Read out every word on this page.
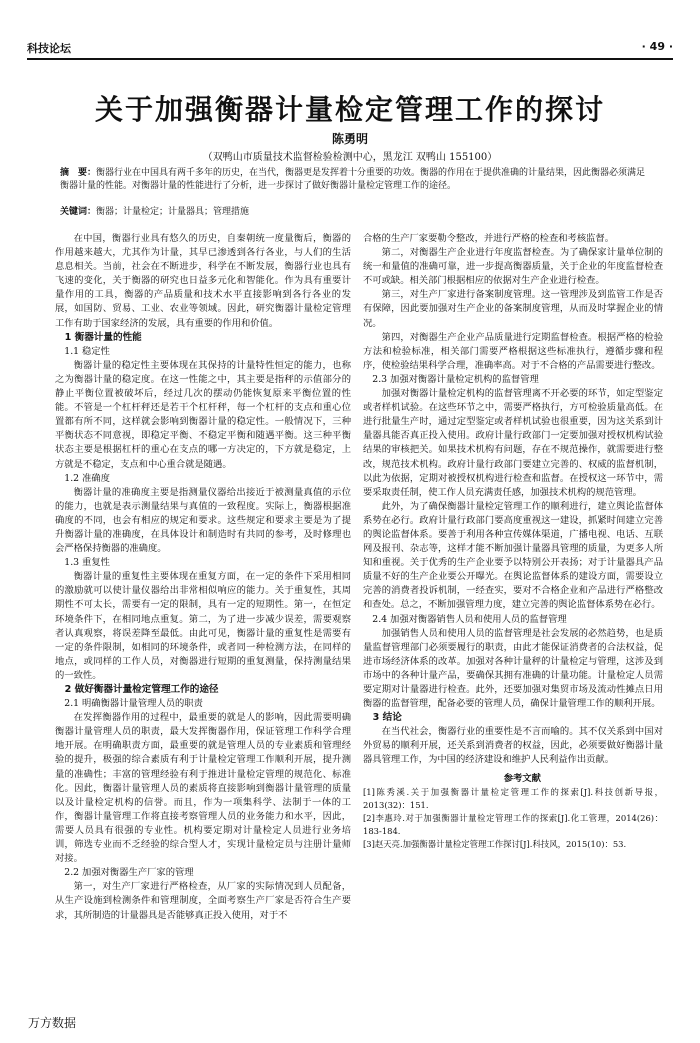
科技论坛	· 49 ·
关于加强衡器计量检定管理工作的探讨
陈勇明
（双鸭山市质量技术监督检验检测中心，黑龙江 双鸭山 155100）
摘　要：衡器行业在中国具有两千多年的历史，在当代，衡器更是发挥着十分重要的功效。衡器的作用在于提供准确的计量结果，因此衡器必须满足衡器计量的性能。对衡器计量的性能进行了分析，进一步探讨了做好衡器计量检定管理工作的途径。
关键词：衡器；计量检定；计量器具；管理措施

在中国，衡器行业具有悠久的历史，自秦朝统一度量衡后，衡器的作用越来越大，尤其作为计量，其早已渗透到各行各业，与人们的生活息息相关。当前，社会在不断进步，科学在不断发展，衡器行业也具有飞速的变化，关于衡器的研究也日益多元化和智能化。作为具有重要计量作用的工具，衡器的产品质量和技术水平直接影响到各行各业的发展，如国防、贸易、工业、农业等领域。因此，研究衡器计量检定管理工作有助于国家经济的发展，具有重要的作用和价值。

1 衡器计量的性能
1.1 稳定性

衡器计量的稳定性主要体现在其保持的计量特性恒定的能力，也称之为衡器计量的稳定度。在这一性能之中，其主要是指秤的示值部分的静止平衡位置被破坏后，经过几次的摆动仍能恢复原来平衡位置的性能。不管是一个杠杆秤还是若干个杠杆秤，每一个杠杆的支点和重心位置都有所不同，这样就会影响到衡器计量的稳定性。一般情况下，三种平衡状态不同意视，即稳定平衡、不稳定平衡和随遇平衡。这三种平衡状态主要是根据杠杆的重心在支点的哪一方决定的，下方就是稳定，上方就是不稳定，支点和中心重合就是随遇。

1.2 准确度

衡器计量的准确度主要是指测量仪器给出接近于被测量真值的示位的能力，也就是表示测量结果与真值的一致程度。实际上，衡器根据准确度的不同，也会有相应的规定和要求。这些规定和要求主要是为了提升衡器计量的准确度，在具体设计和制造时有共同的参考，及时修理也会严格保持衡器的准确度。

1.3 重复性

衡器计量的重复性主要体现在重复方面，在一定的条件下采用相同的激励就可以使计量仪器给出非常相似响应的能力。关于重复性，其周期性不可太长，需要有一定的限制，具有一定的短期性。第一，在恒定环境条件下，在相同地点重复。第二，为了进一步减少误差，需要观察者认真观察，将误差降至最低。由此可见，衡器计量的重复性是需要有一定的条件限制，如相同的环境条件，或者同一种检测方法，在同样的地点，或同样的工作人员，对衡器进行短期的重复测量，保持测量结果的一致性。

2 做好衡器计量检定管理工作的途径
2.1 明确衡器计量管理人员的职责

在发挥衡器作用的过程中，最重要的就是人的影响，因此需要明确衡器计量管理人员的职责，最大发挥衡器作用，保证管理工作科学合理地开展。在明确职责方面，最重要的就是管理人员的专业素质和管理经验的提升，极强的综合素质有利于计量检定管理工作顺利开展，提升测量的准确性；丰富的管理经验有利于推进计量检定管理的规范化、标准化。因此，衡器计量管理人员的素质将直接影响到衡器计量管理的质量以及计量检定机构的信誉。而且，作为一项集科学、法制于一体的工作，衡器计量管理工作将直接考察管理人员的业务能力和水平，因此，需要人员具有很强的专业性。机构要定期对计量检定人员进行业务培训，筛选专业而不乏经验的综合型人才，实现计量检定员与注册计量师对接。

2.2 加强对衡器生产厂家的管理

第一，对生产厂家进行严格检查，从厂家的实际情况到人员配备，从生产设施到检测条件和管理制度，全面考察生产厂家是否符合生产要求，其所制造的计量器具是否能够真正投入使用，对于不

合格的生产厂家要勒令整改，并进行严格的检查和考核监督。

第二，对衡器生产企业进行年度监督检查。为了确保家计量单位制的统一和量值的准确可靠，进一步提高衡器质量，关于企业的年度监督检查不可或缺。相关部门根据相应的依据对生产企业进行检查。

第三，对生产厂家进行备案制度管理。这一管理涉及到监管工作是否有保障，因此要加强对生产企业的备案制度管理，从而及时掌握企业的情况。

第四，对衡器生产企业产品质量进行定期监督检查。根据严格的检验方法和检验标准，相关部门需要严格根据这些标准执行，遵循步骤和程序，使检验结果科学合理，准确率高。对于不合格的产品需要进行整改。

2.3 加强对衡器计量检定机构的监督管理

加强对衡器计量检定机构的监督管理离不开必要的环节，如定型鉴定或者样机试验。在这些环节之中，需要严格执行，方可检验质量高低。在进行批量生产时，通过定型鉴定或者样机试验也很重要，因为这关系到计量器具能否真正投入使用。政府计量行政部门一定要加强对授权机构试验结果的审核把关。如果技术机构有问题，存在不规范操作，就需要进行整改，规范技术机构。政府计量行政部门要建立完善的、权威的监督机制，以此为依据，定期对被授权机构进行检查和监督。在授权这一环节中，需要采取责任制，使工作人员充满责任感，加强技术机构的规范管理。

此外，为了确保衡器计量检定管理工作的顺利进行，建立舆论监督体系势在必行。政府计量行政部门要高度重视这一建设，抓紧时间建立完善的舆论监督体系。要善于利用各种宣传媒体渠道，广播电视、电话、互联网及报刊、杂志等，这样才能不断加强计量器具管理的质量，为更多人所知和重视。关于优秀的生产企业要予以特别公开表扬；对于计量器具产品质量不好的生产企业要公开曝光。在舆论监督体系的建设方面，需要设立完善的消费者投诉机制，一经查实，要对不合格企业和产品进行严格整改和查处。总之，不断加强管理力度，建立完善的舆论监督体系势在必行。

2.4 加强对衡器销售人员和使用人员的监督管理

加强销售人员和使用人员的监督管理是社会发展的必然趋势，也是质量监督管理部门必须要履行的职责，由此才能保证消费者的合法权益，促进市场经济体系的改革。加强对各种计量秤的计量检定与管理，这涉及到市场中的各种计量产品，要确保其拥有准确的计量功能。计量检定人员需要定期对计量器进行检查。此外，还要加强对集贸市场及流动性摊点日用衡器的监督管理，配备必要的管理人员，确保计量管理工作的顺利开展。

3 结论

在当代社会，衡器行业的重要性是不言而喻的。其不仅关系到中国对外贸易的顺利开展，还关系到消费者的权益，因此，必须要做好衡器计量器具管理工作，为中国的经济建设和维护人民利益作出贡献。

参考文献

[1]陈秀溪.关于加强衡器计量检定管理工作的探索[J].科技创新导报，2013(32)：151.

[2]李惠玲.对于加强衡器计量检定管理工作的探索[J].化工管理，2014(26)：183-184.

[3]赵天亮.加强衡器计量检定管理工作探讨[J].科技风，2015(10)：53.

万方数据
